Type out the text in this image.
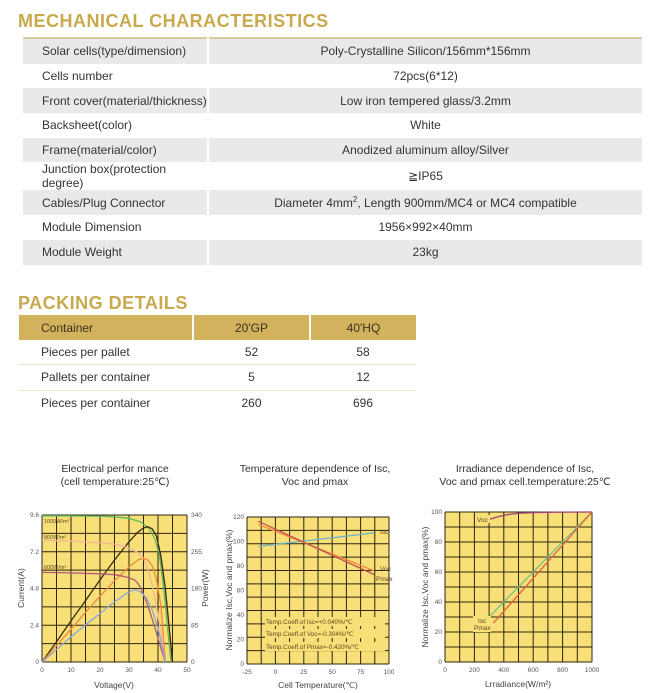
MECHANICAL CHARACTERISTICS
Solar cells(type/dimension)	Poly-Crystalline Silicon/156mm*156mm
Cells number	72pcs(6*12)
Front cover(material/thickness)	Low iron tempered glass/3.2mm
Backsheet(color)	White
Frame(material/color)	Anodized aluminum alloy/Silver
Junction box(protection degree)	≧IP65
Cables/Plug Connector	Diameter $4mm^2$, Length 900mm/MC4 or MC4 compatible
Module Dimension	1956×992×40mm
Module Weight	23kg
PACKING DETAILS
Container	20'GP	40'HQ
Pieces per pallet	52	58
Pallets per container	5	12
Pieces per container	260	696
Electrical perfor mance
(cell temperature:25℃)
Temperature dependence of Isc,
Voc and pmax
Irradiance dependence of Isc,
Voc and pmax cell.temperature:25℃
0	10	20	30	40	50
0
2.4
4.8
7.2
9.6
0
85
180
255
340
Voltage(V)
Current(A)	Power(W)
-25	0	25	50	75	100
0
20
40
60
80
100
120
Cell Temperature(℃)
Normalize Isc,Voc and pmax(%)
0	200	400	600	800	1000
0
20
40
60
80
100
Lrradiance(W/m²)
Normalize Isc,Voc and pmax(%)
1000W/m²
800W/m²
600W/m²
Isc
Voc
Pmax
Temp.Coeff.of Isc=+0.040%/℃
Temp.Coeff.of Voc=-0.304%/℃
Temp.Coeff.of Pmax=-0.420%/℃
Voc
Isc
Pmax
